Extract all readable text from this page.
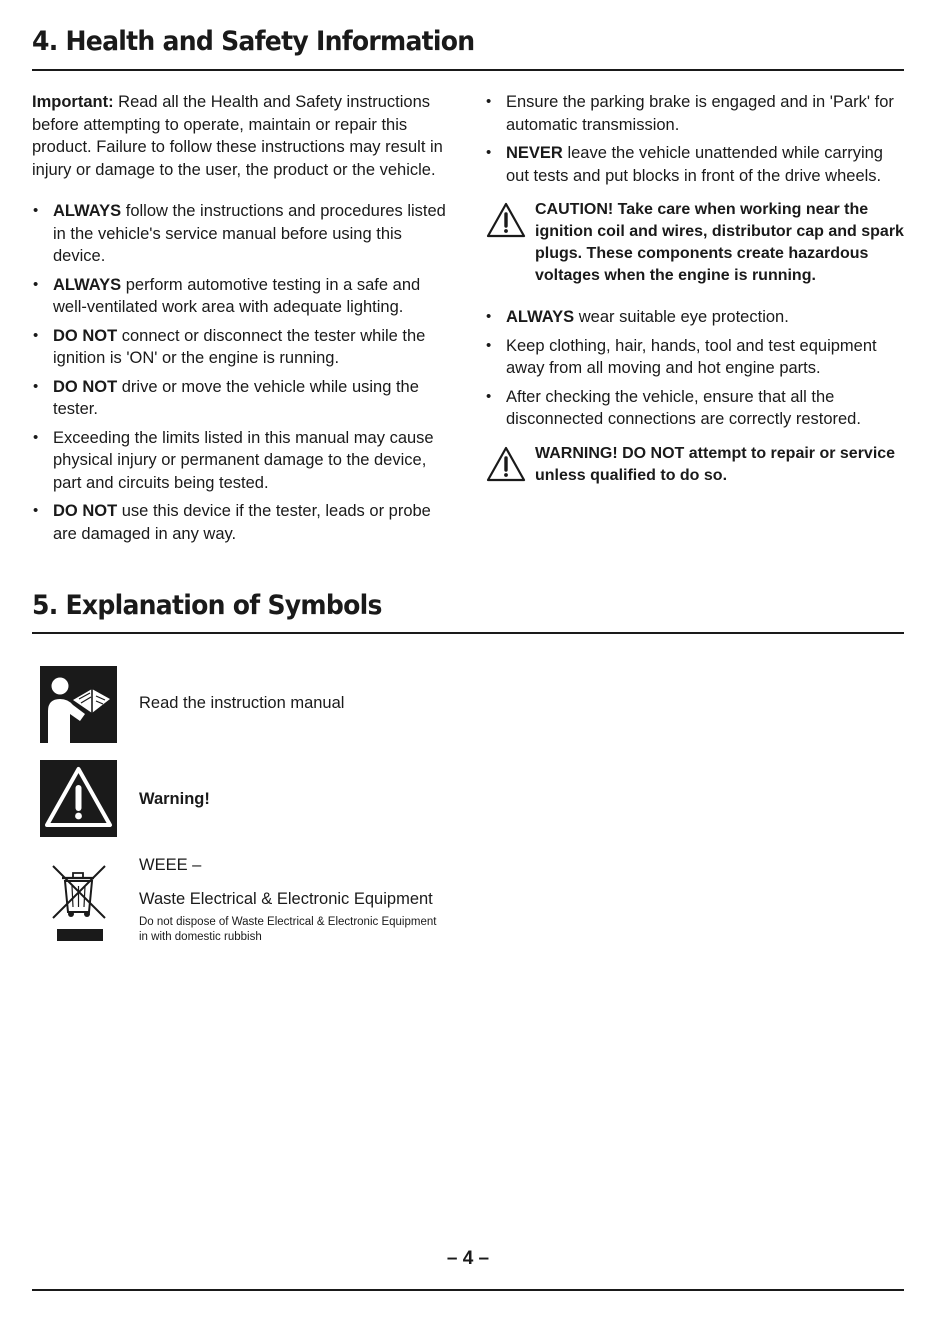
4. Health and Safety Information

Important: Read all the Health and Safety instructions before attempting to operate, maintain or repair this product. Failure to follow these instructions may result in injury or damage to the user, the product or the vehicle.

• ALWAYS follow the instructions and procedures listed in the vehicle's service manual before using this device.
• ALWAYS perform automotive testing in a safe and well-ventilated work area with adequate lighting.
• DO NOT connect or disconnect the tester while the ignition is 'ON' or the engine is running.
• DO NOT drive or move the vehicle while using the tester.
• Exceeding the limits listed in this manual may cause physical injury or permanent damage to the device, part and circuits being tested.
• DO NOT use this device if the tester, leads or probe are damaged in any way.
• Ensure the parking brake is engaged and in 'Park' for automatic transmission.
• NEVER leave the vehicle unattended while carrying out tests and put blocks in front of the drive wheels.
CAUTION! Take care when working near the ignition coil and wires, distributor cap and spark plugs. These components create hazardous voltages when the engine is running.
• ALWAYS wear suitable eye protection.
• Keep clothing, hair, hands, tool and test equipment away from all moving and hot engine parts.
• After checking the vehicle, ensure that all the disconnected connections are correctly restored.
WARNING! DO NOT attempt to repair or service unless qualified to do so.
5. Explanation of Symbols
Read the instruction manual
Warning!
WEEE –
Waste Electrical & Electronic Equipment
Do not dispose of Waste Electrical & Electronic Equipment
in with domestic rubbish
– 4 –
